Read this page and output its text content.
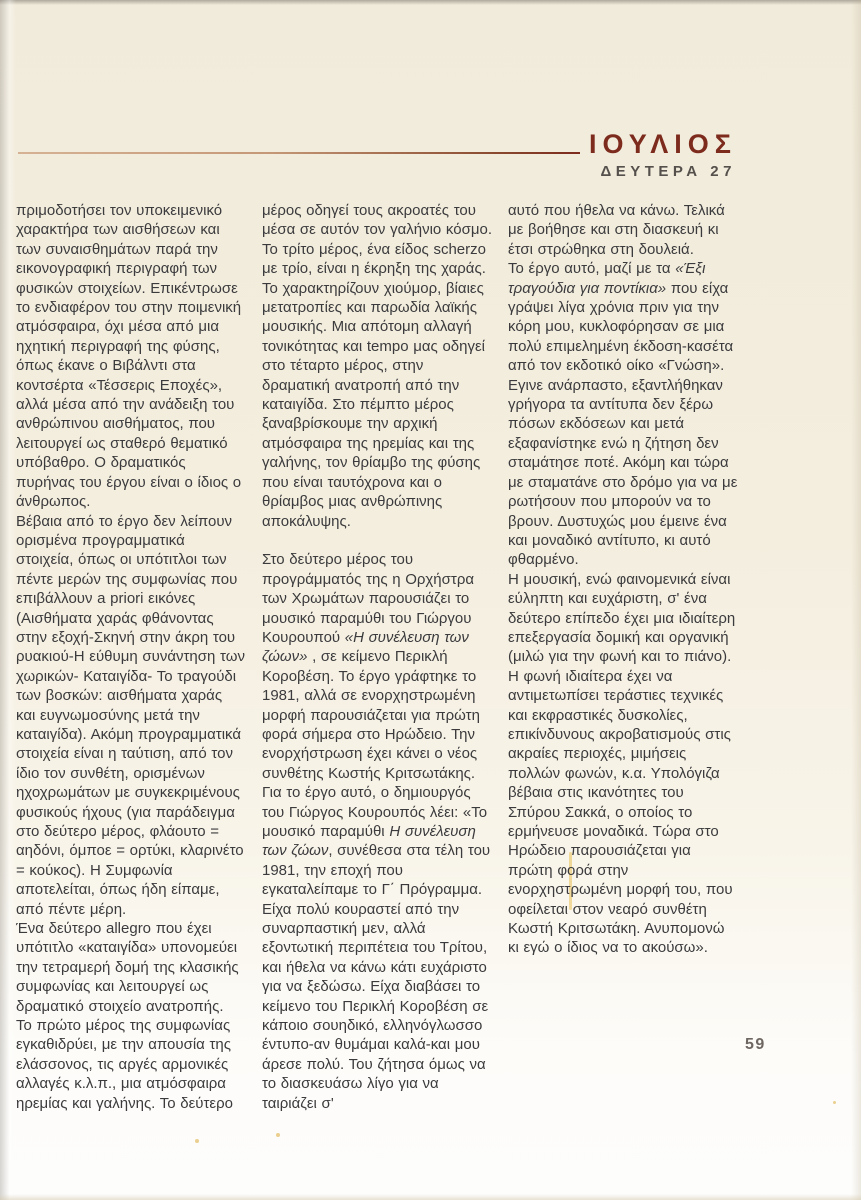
ΙΟΥΛΙΟΣ
ΔΕΥΤΕΡΑ 27

πριμοδοτήσει τον υποκειμενικό χαρακτήρα των αισθήσεων και των συναισθημάτων παρά την εικονογραφική περιγραφή των φυσικών στοιχείων. Επικέντρωσε το ενδιαφέρον του στην ποιμενική ατμόσφαιρα, όχι μέσα από μια ηχητική περιγραφή της φύσης, όπως έκανε ο Βιβάλντι στα κοντσέρτα «Τέσσερις Εποχές», αλλά μέσα από την ανάδειξη του ανθρώπινου αισθήματος, που λειτουργεί ως σταθερό θεματικό υπόβαθρο. Ο δραματικός πυρήνας του έργου είναι ο ίδιος ο άνθρωπος.

Βέβαια από το έργο δεν λείπουν ορισμένα προγραμματικά στοιχεία, όπως οι υπότιτλοι των πέντε μερών της συμφωνίας που επιβάλλουν a priori εικόνες (Αισθήματα χαράς φθάνοντας στην εξοχή-Σκηνή στην άκρη του ρυακιού-Η εύθυμη συνάντηση των χωρικών- Καταιγίδα- Το τραγούδι των βοσκών: αισθήματα χαράς και ευγνωμοσύνης μετά την καταιγίδα). Ακόμη προγραμματικά στοιχεία είναι η ταύτιση, από τον ίδιο τον συνθέτη, ορισμένων ηχοχρωμάτων με συγκεκριμένους φυσικούς ήχους (για παράδειγμα στο δεύτερο μέρος, φλάουτο = αηδόνι, όμποε = ορτύκι, κλαρινέτο = κούκος). Η Συμφωνία αποτελείται, όπως ήδη είπαμε, από πέντε μέρη.

Ένα δεύτερο allegro που έχει υπότιτλο «καταιγίδα» υπονομεύει την τετραμερή δομή της κλασικής συμφωνίας και λειτουργεί ως δραματικό στοιχείο ανατροπής.

Το πρώτο μέρος της συμφωνίας εγκαθιδρύει, με την απουσία της ελάσσονος, τις αργές αρμονικές αλλαγές κ.λ.π., μια ατμόσφαιρα ηρεμίας και γαλήνης. Το δεύτερο

μέρος οδηγεί τους ακροατές του μέσα σε αυτόν τον γαλήνιο κόσμο. Το τρίτο μέρος, ένα είδος scherzo με τρίο, είναι η έκρηξη της χαράς. Το χαρακτηρίζουν χιούμορ, βίαιες μετατροπίες και παρωδία λαϊκής μουσικής. Μια απότομη αλλαγή τονικότητας και tempo μας οδηγεί στο τέταρτο μέρος, στην δραματική ανατροπή από την καταιγίδα. Στο πέμπτο μέρος ξαναβρίσκουμε την αρχική ατμόσφαιρα της ηρεμίας και της γαλήνης, τον θρίαμβο της φύσης που είναι ταυτόχρονα και ο θρίαμβος μιας ανθρώπινης αποκάλυψης.

Στο δεύτερο μέρος του προγράμματός της η Ορχήστρα των Χρωμάτων παρουσιάζει το μουσικό παραμύθι του Γιώργου Κουρουπού «Η συνέλευση των ζώων» , σε κείμενο Περικλή Κοροβέση. Το έργο γράφτηκε το 1981, αλλά σε ενορχηστρωμένη μορφή παρουσιάζεται για πρώτη φορά σήμερα στο Ηρώδειο. Την ενορχήστρωση έχει κάνει ο νέος συνθέτης Κωστής Κριτσωτάκης. Για το έργο αυτό, ο δημιουργός του Γιώργος Κουρουπός λέει: «Το μουσικό παραμύθι Η συνέλευση των ζώων, συνέθεσα στα τέλη του 1981, την εποχή που εγκαταλείπαμε το Γ΄ Πρόγραμμα. Είχα πολύ κουραστεί από την συναρπαστική μεν, αλλά εξοντωτική περιπέτεια του Τρίτου, και ήθελα να κάνω κάτι ευχάριστο για να ξεδώσω. Είχα διαβάσει το κείμενο του Περικλή Κοροβέση σε κάποιο σουηδικό, ελληνόγλωσσο έντυπο-αν θυμάμαι καλά-και μου άρεσε πολύ. Του ζήτησα όμως να το διασκευάσω λίγο για να ταιριάζει σ'

αυτό που ήθελα να κάνω. Τελικά με βοήθησε και στη διασκευή κι έτσι στρώθηκα στη δουλειά.

Το έργο αυτό, μαζί με τα «Έξι τραγούδια για ποντίκια» που είχα γράψει λίγα χρόνια πριν για την κόρη μου, κυκλοφόρησαν σε μια πολύ επιμελημένη έκδοση-κασέτα από τον εκδοτικό οίκο «Γνώση». Εγινε ανάρπαστο, εξαντλήθηκαν γρήγορα τα αντίτυπα δεν ξέρω πόσων εκδόσεων και μετά εξαφανίστηκε ενώ η ζήτηση δεν σταμάτησε ποτέ. Ακόμη και τώρα με σταματάνε στο δρόμο για να με ρωτήσουν που μπορούν να το βρουν. Δυστυχώς μου έμεινε ένα και μοναδικό αντίτυπο, κι αυτό φθαρμένο.

Η μουσική, ενώ φαινομενικά είναι εύληπτη και ευχάριστη, σ' ένα δεύτερο επίπεδο έχει μια ιδιαίτερη επεξεργασία δομική και οργανική (μιλώ για την φωνή και το πιάνο). Η φωνή ιδιαίτερα έχει να αντιμετωπίσει τεράστιες τεχνικές και εκφραστικές δυσκολίες, επικίνδυνους ακροβατισμούς στις ακραίες περιοχές, μιμήσεις πολλών φωνών, κ.α. Υπολόγιζα βέβαια στις ικανότητες του Σπύρου Σακκά, ο οποίος το ερμήνευσε μοναδικά. Τώρα στο Ηρώδειο παρουσιάζεται για πρώτη φορά στην ενορχηστρωμένη μορφή του, που οφείλεται στον νεαρό συνθέτη Κωστή Κριτσωτάκη. Ανυπομονώ κι εγώ ο ίδιος να το ακούσω».

59
